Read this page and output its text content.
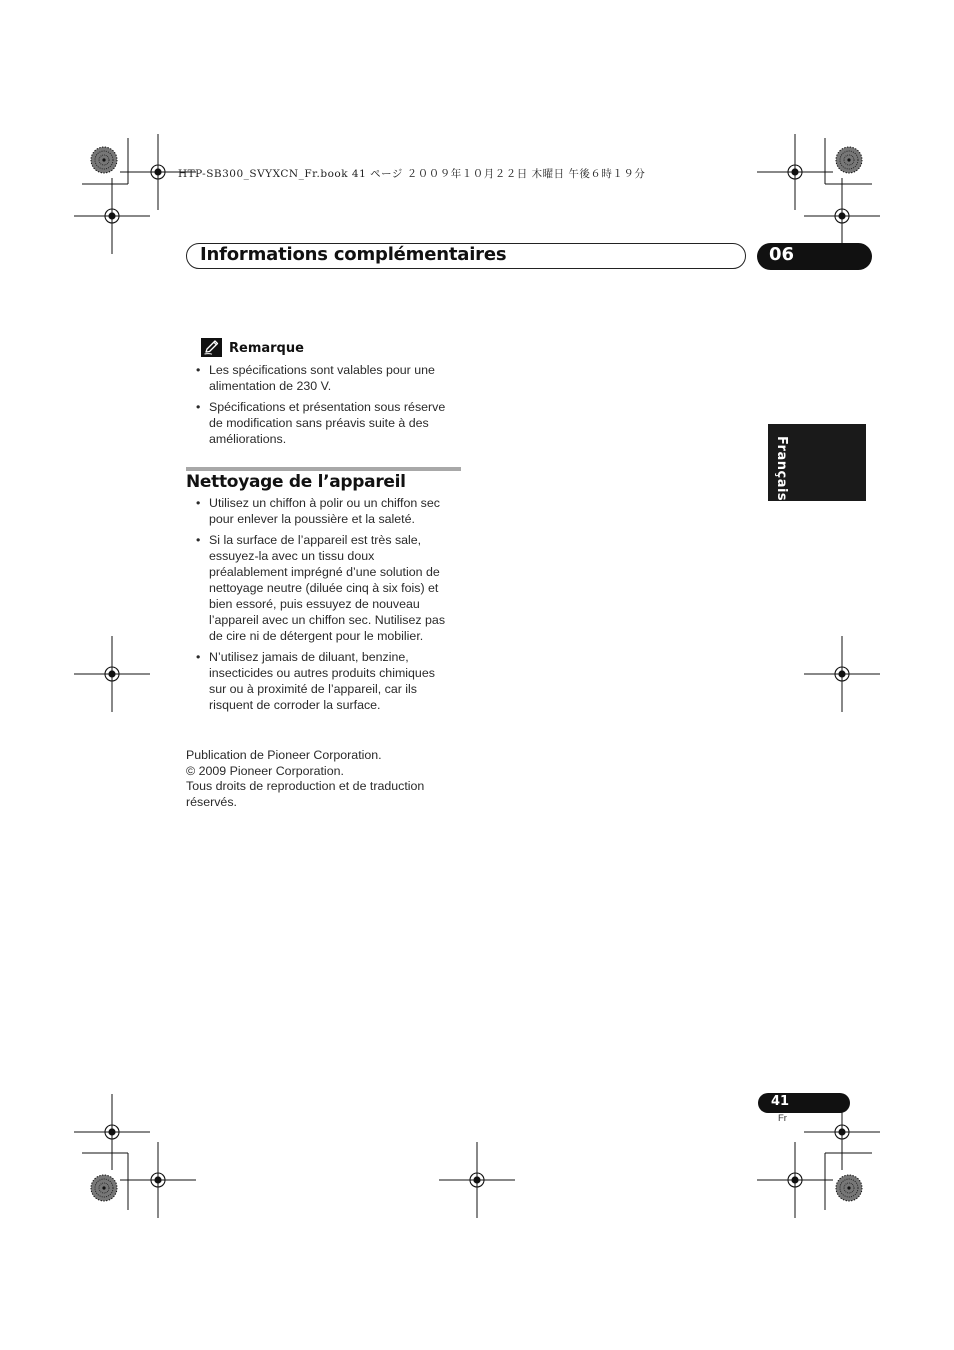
HTP-SB300_SVYXCN_Fr.book 41 ページ ２００９年１０月２２日 木曜日 午後６時１９分
Informations complémentaires	06
Français
Remarque
• Les spécifications sont valables pour une alimentation de 230 V.
• Spécifications et présentation sous réserve de modification sans préavis suite à des améliorations.
Nettoyage de l’appareil
• Utilisez un chiffon à polir ou un chiffon sec pour enlever la poussière et la saleté.
• Si la surface de l’appareil est très sale, essuyez-la avec un tissu doux préalablement imprégné d’une solution de nettoyage neutre (diluée cinq à six fois) et bien essoré, puis essuyez de nouveau l’appareil avec un chiffon sec. Nutilisez pas de cire ni de détergent pour le mobilier.
• N’utilisez jamais de diluant, benzine, insecticides ou autres produits chimiques sur ou à proximité de l’appareil, car ils risquent de corroder la surface.
Publication de Pioneer Corporation.
© 2009 Pioneer Corporation.
Tous droits de reproduction et de traduction
réservés.
41
Fr
